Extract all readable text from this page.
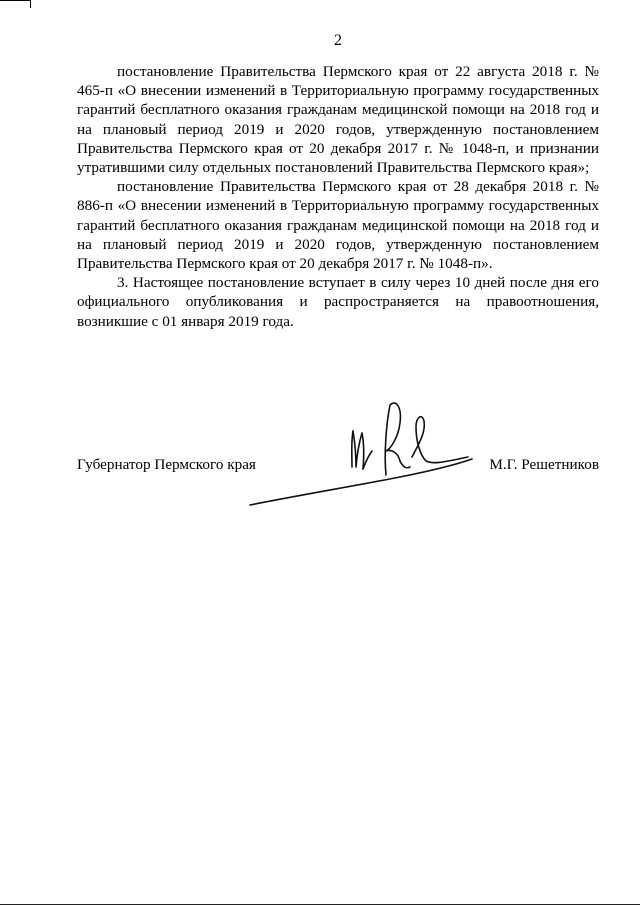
2

постановление Правительства Пермского края от 22 августа 2018 г. № 465-п «О внесении изменений в Территориальную программу государственных гарантий бесплатного оказания гражданам медицинской помощи на 2018 год и на плановый период 2019 и 2020 годов, утвержденную постановлением Правительства Пермского края от 20 декабря 2017 г. № 1048-п, и признании утратившими силу отдельных постановлений Правительства Пермского края»;

постановление Правительства Пермского края от 28 декабря 2018 г. № 886-п «О внесении изменений в Территориальную программу государственных гарантий бесплатного оказания гражданам медицинской помощи на 2018 год и на плановый период 2019 и 2020 годов, утвержденную постановлением Правительства Пермского края от 20 декабря 2017 г. № 1048-п».

3. Настоящее постановление вступает в силу через 10 дней после дня его официального опубликования и распространяется на правоотношения, возникшие с 01 января 2019 года.

Губернатор Пермского края	М.Г. Решетников
